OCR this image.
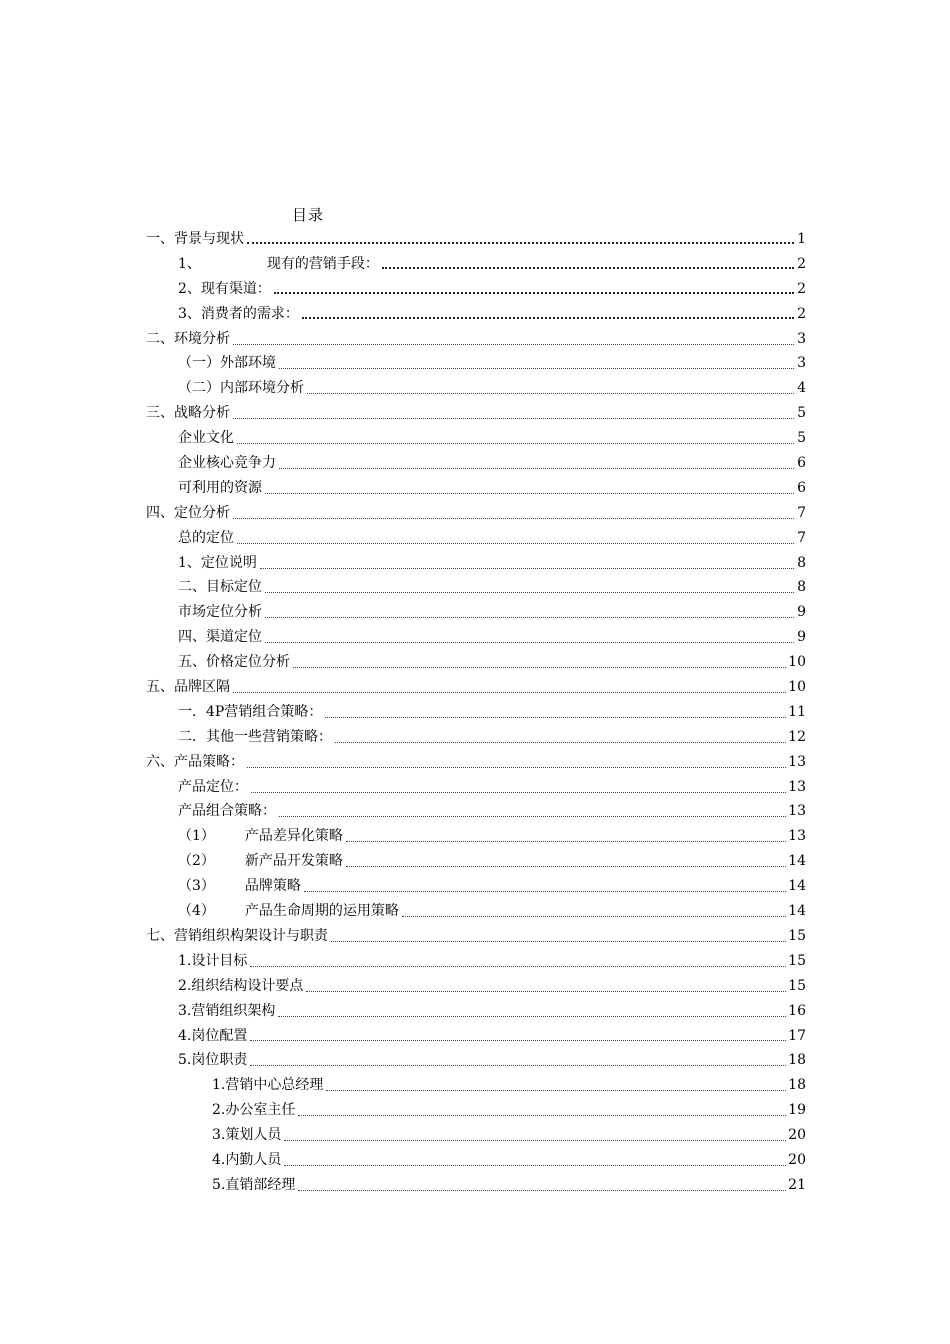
目录
一、背景与现状	1
1、	现有的营销手段：	2
2、现有渠道：	2
3、消费者的需求：	2
二、环境分析	3
（一）外部环境	3
（二）内部环境分析	4
三、战略分析	5
企业文化	5
企业核心竞争力	6
可利用的资源	6
四、定位分析	7
总的定位	7
1、定位说明	8
二、目标定位	8
市场定位分析	9
四、渠道定位	9
五、价格定位分析	10
五、品牌区隔	10
一．4P营销组合策略：	11
二．其他一些营销策略：	12
六、产品策略：	13
产品定位：	13
产品组合策略：	13
（1） 产品差异化策略	13
（2） 新产品开发策略	14
（3） 品牌策略	14
（4） 产品生命周期的运用策略	14
七、营销组织构架设计与职责	15
1.设计目标	15
2.组织结构设计要点	15
3.营销组织架构	16
4.岗位配置	17
5.岗位职责	18
1.营销中心总经理	18
2.办公室主任	19
3.策划人员	20
4.内勤人员	20
5.直销部经理	21
